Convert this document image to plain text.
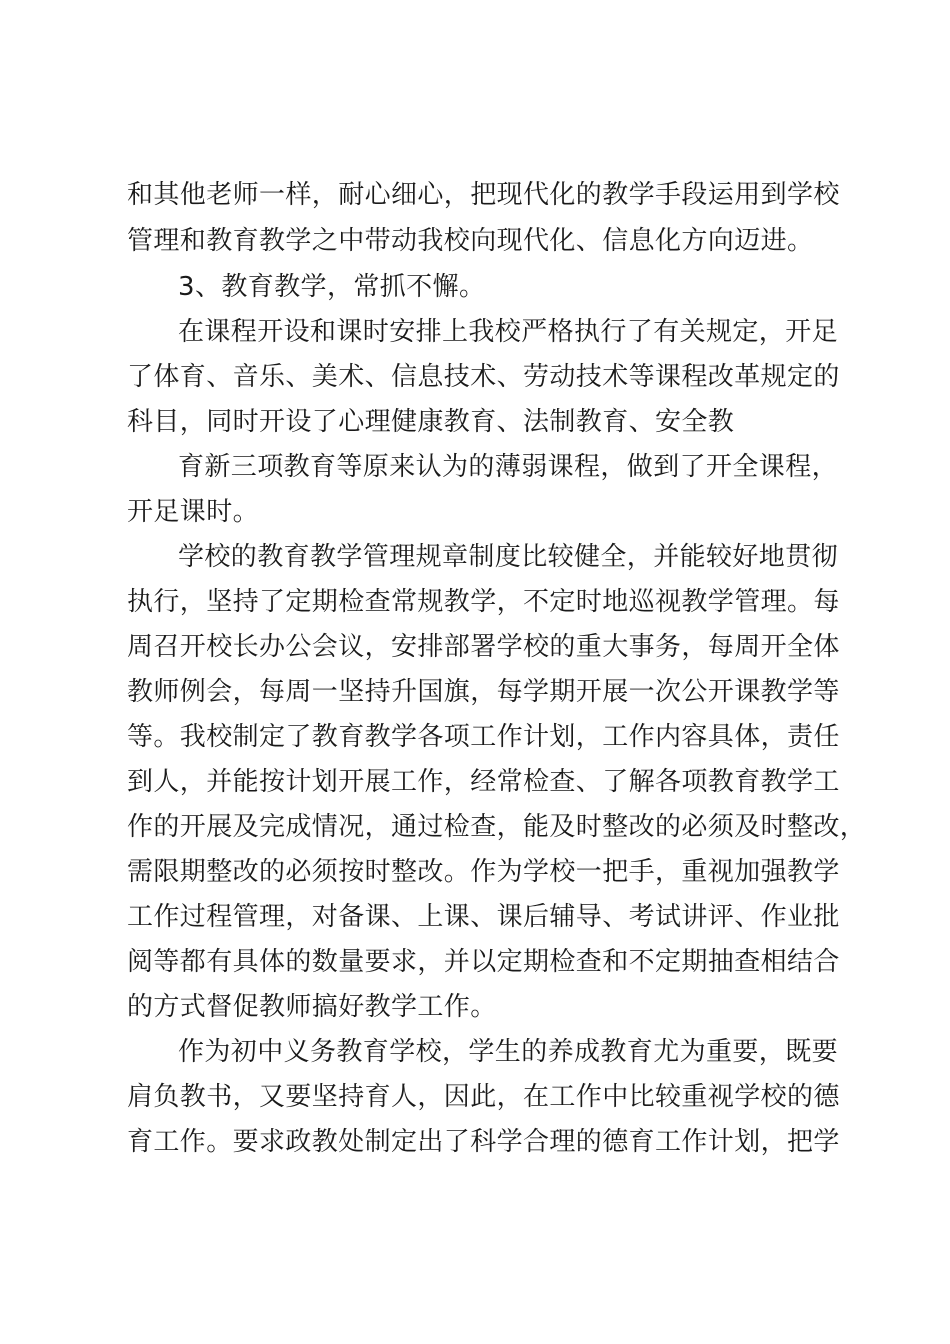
和其他老师一样，耐心细心，把现代化的教学手段运用到学校
管理和教育教学之中带动我校向现代化、信息化方向迈进。
3、教育教学，常抓不懈。
在课程开设和课时安排上我校严格执行了有关规定，开足
了体育、音乐、美术、信息技术、劳动技术等课程改革规定的
科目，同时开设了心理健康教育、法制教育、安全教
育新三项教育等原来认为的薄弱课程，做到了开全课程，
开足课时。
学校的教育教学管理规章制度比较健全，并能较好地贯彻
执行，坚持了定期检查常规教学，不定时地巡视教学管理。每
周召开校长办公会议，安排部署学校的重大事务，每周开全体
教师例会，每周一坚持升国旗，每学期开展一次公开课教学等
等。我校制定了教育教学各项工作计划，工作内容具体，责任
到人，并能按计划开展工作，经常检查、了解各项教育教学工
作的开展及完成情况，通过检查，能及时整改的必须及时整改，
需限期整改的必须按时整改。作为学校一把手，重视加强教学
工作过程管理，对备课、上课、课后辅导、考试讲评、作业批
阅等都有具体的数量要求，并以定期检查和不定期抽查相结合
的方式督促教师搞好教学工作。
作为初中义务教育学校，学生的养成教育尤为重要，既要
肩负教书，又要坚持育人，因此，在工作中比较重视学校的德
育工作。要求政教处制定出了科学合理的德育工作计划，把学
